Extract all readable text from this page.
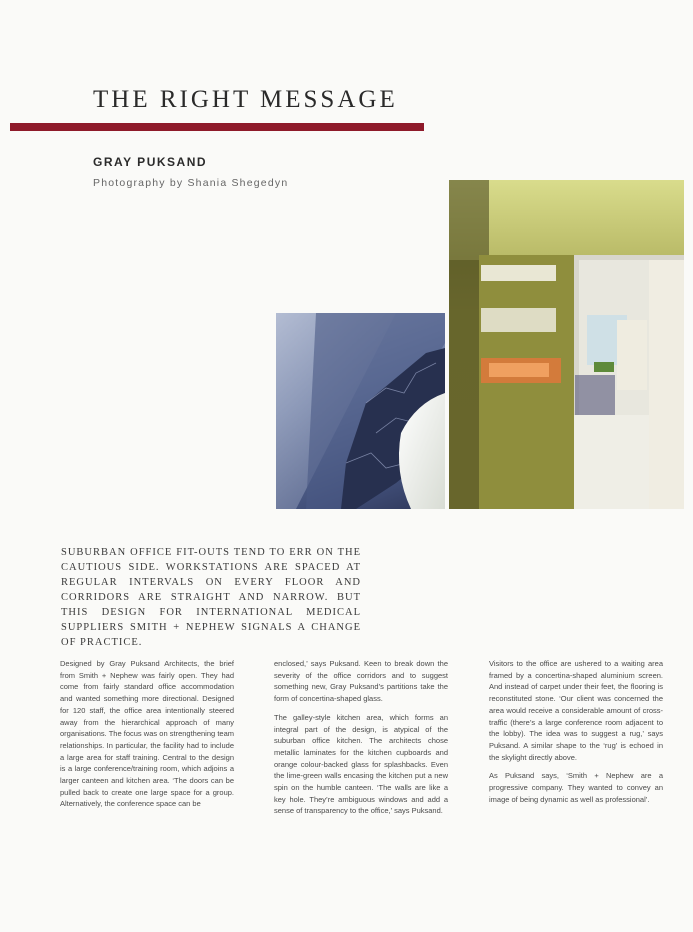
THE RIGHT MESSAGE
GRAY PUKSAND
Photography by Shania Shegedyn
SUBURBAN OFFICE FIT-OUTS TEND TO ERR ON THE CAUTIOUS SIDE. WORKSTATIONS ARE SPACED AT REGULAR INTERVALS ON EVERY FLOOR AND CORRIDORS ARE STRAIGHT AND NARROW. BUT THIS DESIGN FOR INTERNATIONAL MEDICAL SUPPLIERS SMITH + NEPHEW SIGNALS A CHANGE OF PRACTICE.

Designed by Gray Puksand Architects, the brief from Smith + Nephew was fairly open. They had come from fairly standard office accommodation and wanted something more directional. Designed for 120 staff, the office area intentionally steered away from the hierarchical approach of many organisations. The focus was on strengthening team relationships. In particular, the facility had to include a large area for staff training. Central to the design is a large conference/training room, which adjoins a larger canteen and kitchen area. ‘The doors can be pulled back to create one large space for a group. Alternatively, the conference space can be

enclosed,’ says Puksand. Keen to break down the severity of the office corridors and to suggest something new, Gray Puksand’s partitions take the form of concertina-shaped glass.

The galley-style kitchen area, which forms an integral part of the design, is atypical of the suburban office kitchen. The architects chose metallic laminates for the kitchen cupboards and orange colour-backed glass for splashbacks. Even the lime-green walls encasing the kitchen put a new spin on the humble canteen. ‘The walls are like a key hole. They’re ambiguous windows and add a sense of transparency to the office,’ says Puksand.

Visitors to the office are ushered to a waiting area framed by a concertina-shaped aluminium screen. And instead of carpet under their feet, the flooring is reconstituted stone. ‘Our client was concerned the area would receive a considerable amount of cross-traffic (there’s a large conference room adjacent to the lobby). The idea was to suggest a rug,’ says Puksand. A similar shape to the ‘rug’ is echoed in the skylight directly above.

As Puksand says, ‘Smith + Nephew are a progressive company. They wanted to convey an image of being dynamic as well as professional’.
